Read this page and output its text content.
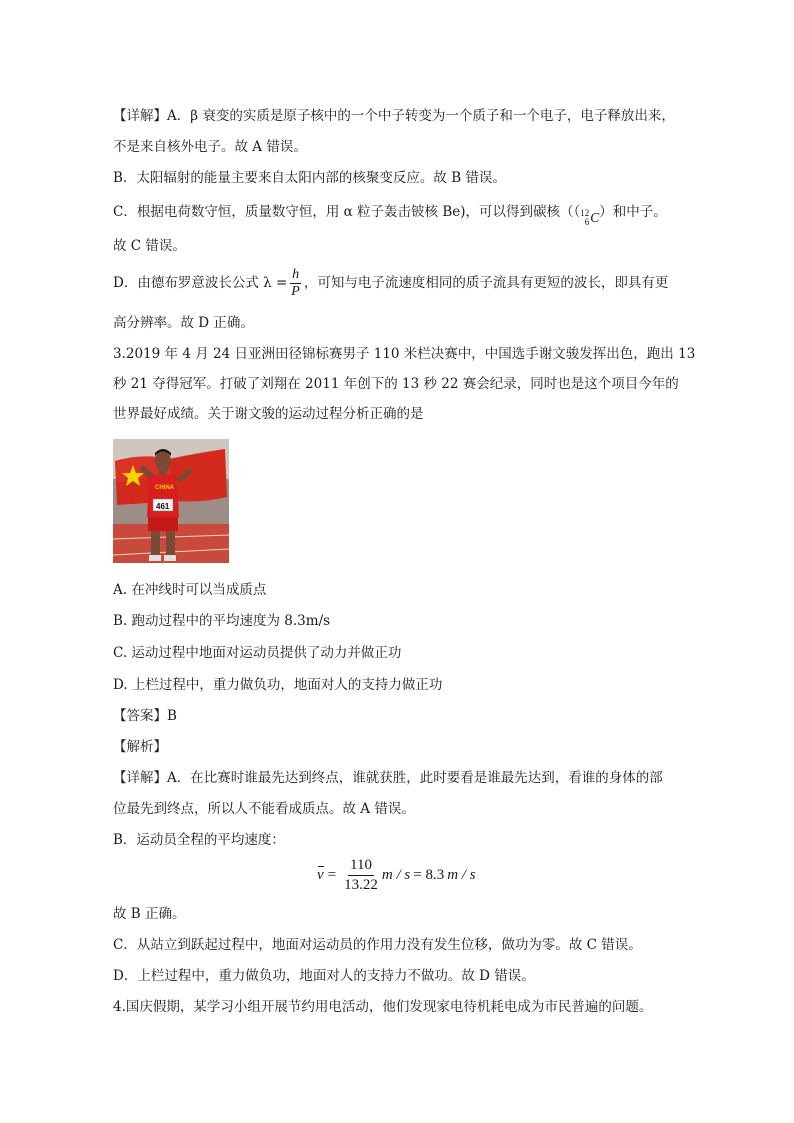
【详解】A．β 衰变的实质是原子核中的一个中子转变为一个质子和一个电子，电子释放出来，
不是来自核外电子。故 A 错误。
B．太阳辐射的能量主要来自太阳内部的核聚变反应。故 B 错误。
C．根据电荷数守恒，质量数守恒，用 α 粒子轰击铍核 Be)，可以得到碳核（（ 12
6 C ）和中子。
故 C 错误。
D．由德布罗意波长公式 $\lambda = \frac{h}{P}$ ，可知与电子流速度相同的质子流具有更短的波长，即具有更
高分辨率。故 D 正确。
3.2019 年 4 月 24 日亚洲田径锦标赛男子 110 米栏决赛中，中国选手谢文骏发挥出色，跑出 13
秒 21 夺得冠军。打破了刘翔在 2011 年创下的 13 秒 22 赛会纪录，同时也是这个项目今年的
世界最好成绩。关于谢文骏的运动过程分析正确的是
CHINA
461
A. 在冲线时可以当成质点
B. 跑动过程中的平均速度为 8.3m/s
C. 运动过程中地面对运动员提供了动力并做正功
D. 上栏过程中，重力做负功，地面对人的支持力做正功
【答案】B
【解析】
【详解】A．在比赛时谁最先达到终点，谁就获胜，此时要看是谁最先达到，看谁的身体的部
位最先到终点，所以人不能看成质点。故 A 错误。
B．运动员全程的平均速度：
$v = \frac{110}{13.22}$ m / s = 8.3 m / s
故 B 正确。
C．从站立到跃起过程中，地面对运动员的作用力没有发生位移，做功为零。故 C 错误。
D．上栏过程中，重力做负功，地面对人的支持力不做功。故 D 错误。
4.国庆假期，某学习小组开展节约用电活动，他们发现家电待机耗电成为市民普遍的问题。
